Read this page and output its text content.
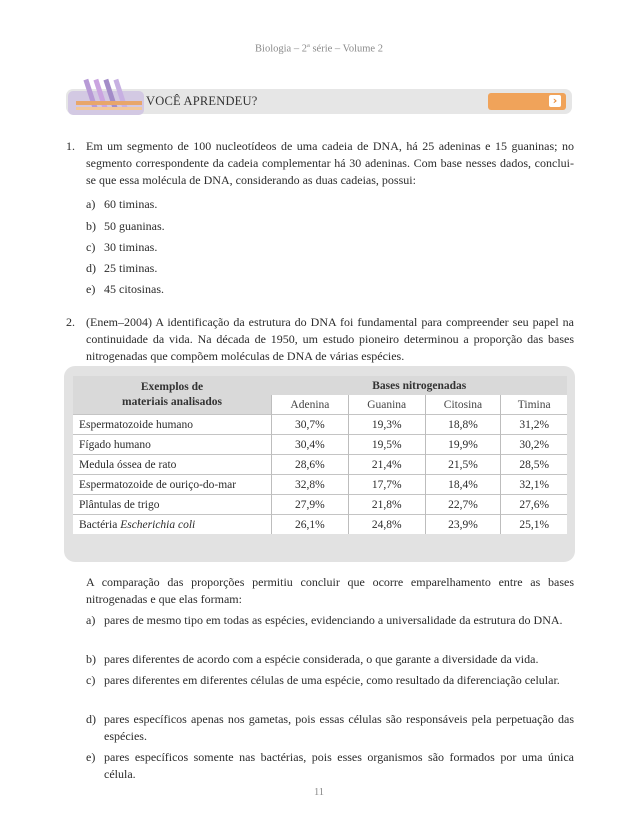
Biologia – 2$^a$ série – Volume 2
VOCÊ APRENDEU?	›
1. Em um segmento de 100 nucleotídeos de uma cadeia de DNA, há 25 adeninas e 15 guaninas; no segmento correspondente da cadeia complementar há 30 adeninas. Com base nesses dados, conclui-se que essa molécula de DNA, considerando as duas cadeias, possui:
a) 60 timinas.
b) 50 guaninas.
c) 30 timinas.
d) 25 timinas.
e) 45 citosinas.
2. (Enem–2004) A identificação da estrutura do DNA foi fundamental para compreender seu papel na continuidade da vida. Na década de 1950, um estudo pioneiro determinou a proporção das bases nitrogenadas que compõem moléculas de DNA de várias espécies.
Exemplos de
materiais analisados	Bases nitrogenadas			
	Adenina	Guanina	Citosina	Timina
Espermatozoide humano	30,7%	19,3%	18,8%	31,2%
Fígado humano	30,4%	19,5%	19,9%	30,2%
Medula óssea de rato	28,6%	21,4%	21,5%	28,5%
Espermatozoide de ouriço-do-mar	32,8%	17,7%	18,4%	32,1%
Plântulas de trigo	27,9%	21,8%	22,7%	27,6%
Bactéria Escherichia coli	26,1%	24,8%	23,9%	25,1%
A comparação das proporções permitiu concluir que ocorre emparelhamento entre as bases nitrogenadas e que elas formam:
a) pares de mesmo tipo em todas as espécies, evidenciando a universalidade da estrutura do DNA.
b) pares diferentes de acordo com a espécie considerada, o que garante a diversidade da vida.
c) pares diferentes em diferentes células de uma espécie, como resultado da diferenciação celular.
d) pares específicos apenas nos gametas, pois essas células são responsáveis pela perpetuação das espécies.
e) pares específicos somente nas bactérias, pois esses organismos são formados por uma única célula.
11
